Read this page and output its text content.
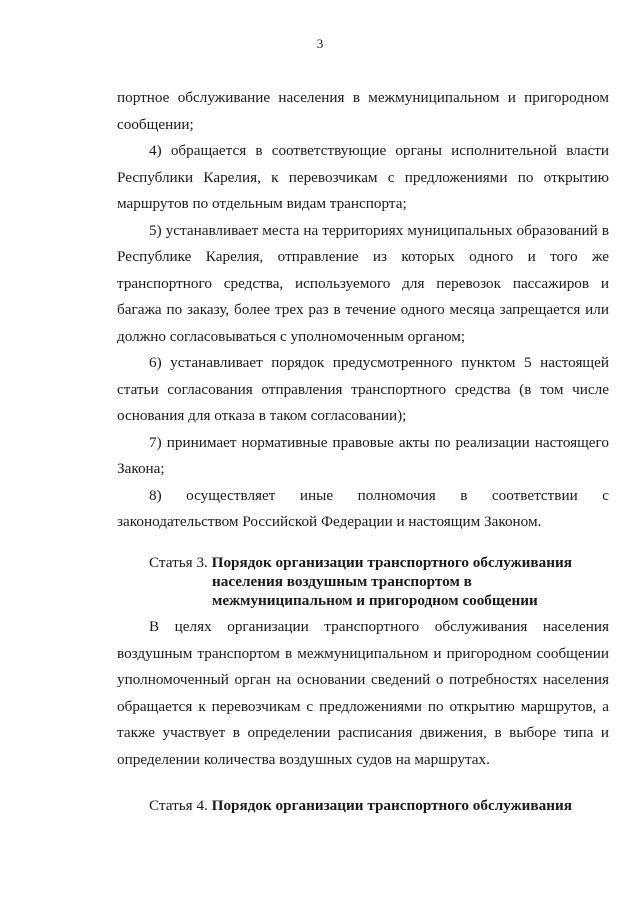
3

портное обслуживание населения в межмуниципальном и пригородном сообщении;

4) обращается в соответствующие органы исполнительной власти Республики Карелия, к перевозчикам с предложениями по открытию маршрутов по отдельным видам транспорта;

5) устанавливает места на территориях муниципальных образований в Республике Карелия, отправление из которых одного и того же транспортного средства, используемого для перевозок пассажиров и багажа по заказу, более трех раз в течение одного месяца запрещается или должно согласовываться с уполномоченным органом;

6) устанавливает порядок предусмотренного пунктом 5 настоящей статьи согласования отправления транспортного средства (в том числе основания для отказа в таком согласовании);

7) принимает нормативные правовые акты по реализации настоящего Закона;

8) осуществляет иные полномочия в соответствии с законодательством Российской Федерации и настоящим Законом.

Статья 3. Порядок организации транспортного обслуживания
населения воздушным транспортом в
межмуниципальном и пригородном сообщении

В целях организации транспортного обслуживания населения воздушным транспортом в межмуниципальном и пригородном сообщении уполномоченный орган на основании сведений о потребностях населения обращается к перевозчикам с предложениями по открытию маршрутов, а также участвует в определении расписания движения, в выборе типа и определении количества воздушных судов на маршрутах.

Статья 4. Порядок организации транспортного обслуживания
